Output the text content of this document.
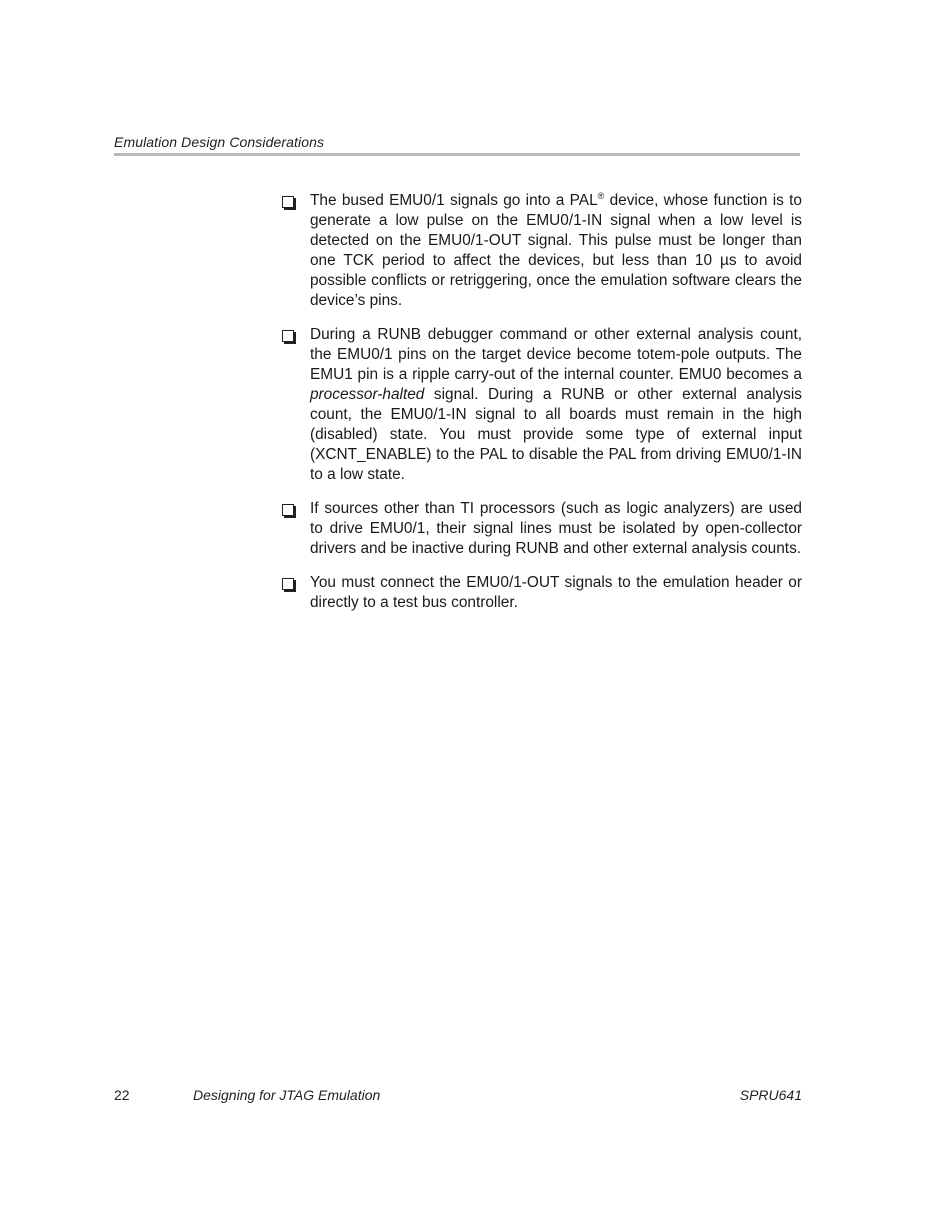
Emulation Design Considerations
The bused EMU0/1 signals go into a PAL® device, whose function is to generate a low pulse on the EMU0/1-IN signal when a low level is detected on the EMU0/1-OUT signal. This pulse must be longer than one TCK period to affect the devices, but less than 10 µs to avoid possible conflicts or retriggering, once the emulation software clears the device’s pins.
During a RUNB debugger command or other external analysis count, the EMU0/1 pins on the target device become totem-pole outputs. The EMU1 pin is a ripple carry-out of the internal counter. EMU0 becomes a processor-halted signal. During a RUNB or other external analysis count, the EMU0/1-IN signal to all boards must remain in the high (disabled) state. You must provide some type of external input (XCNT_ENABLE) to the PAL to disable the PAL from driving EMU0/1-IN to a low state.
If sources other than TI processors (such as logic analyzers) are used to drive EMU0/1, their signal lines must be isolated by open-collector drivers and be inactive during RUNB and other external analysis counts.
You must connect the EMU0/1-OUT signals to the emulation header or directly to a test bus controller.
22	Designing for JTAG Emulation	SPRU641
